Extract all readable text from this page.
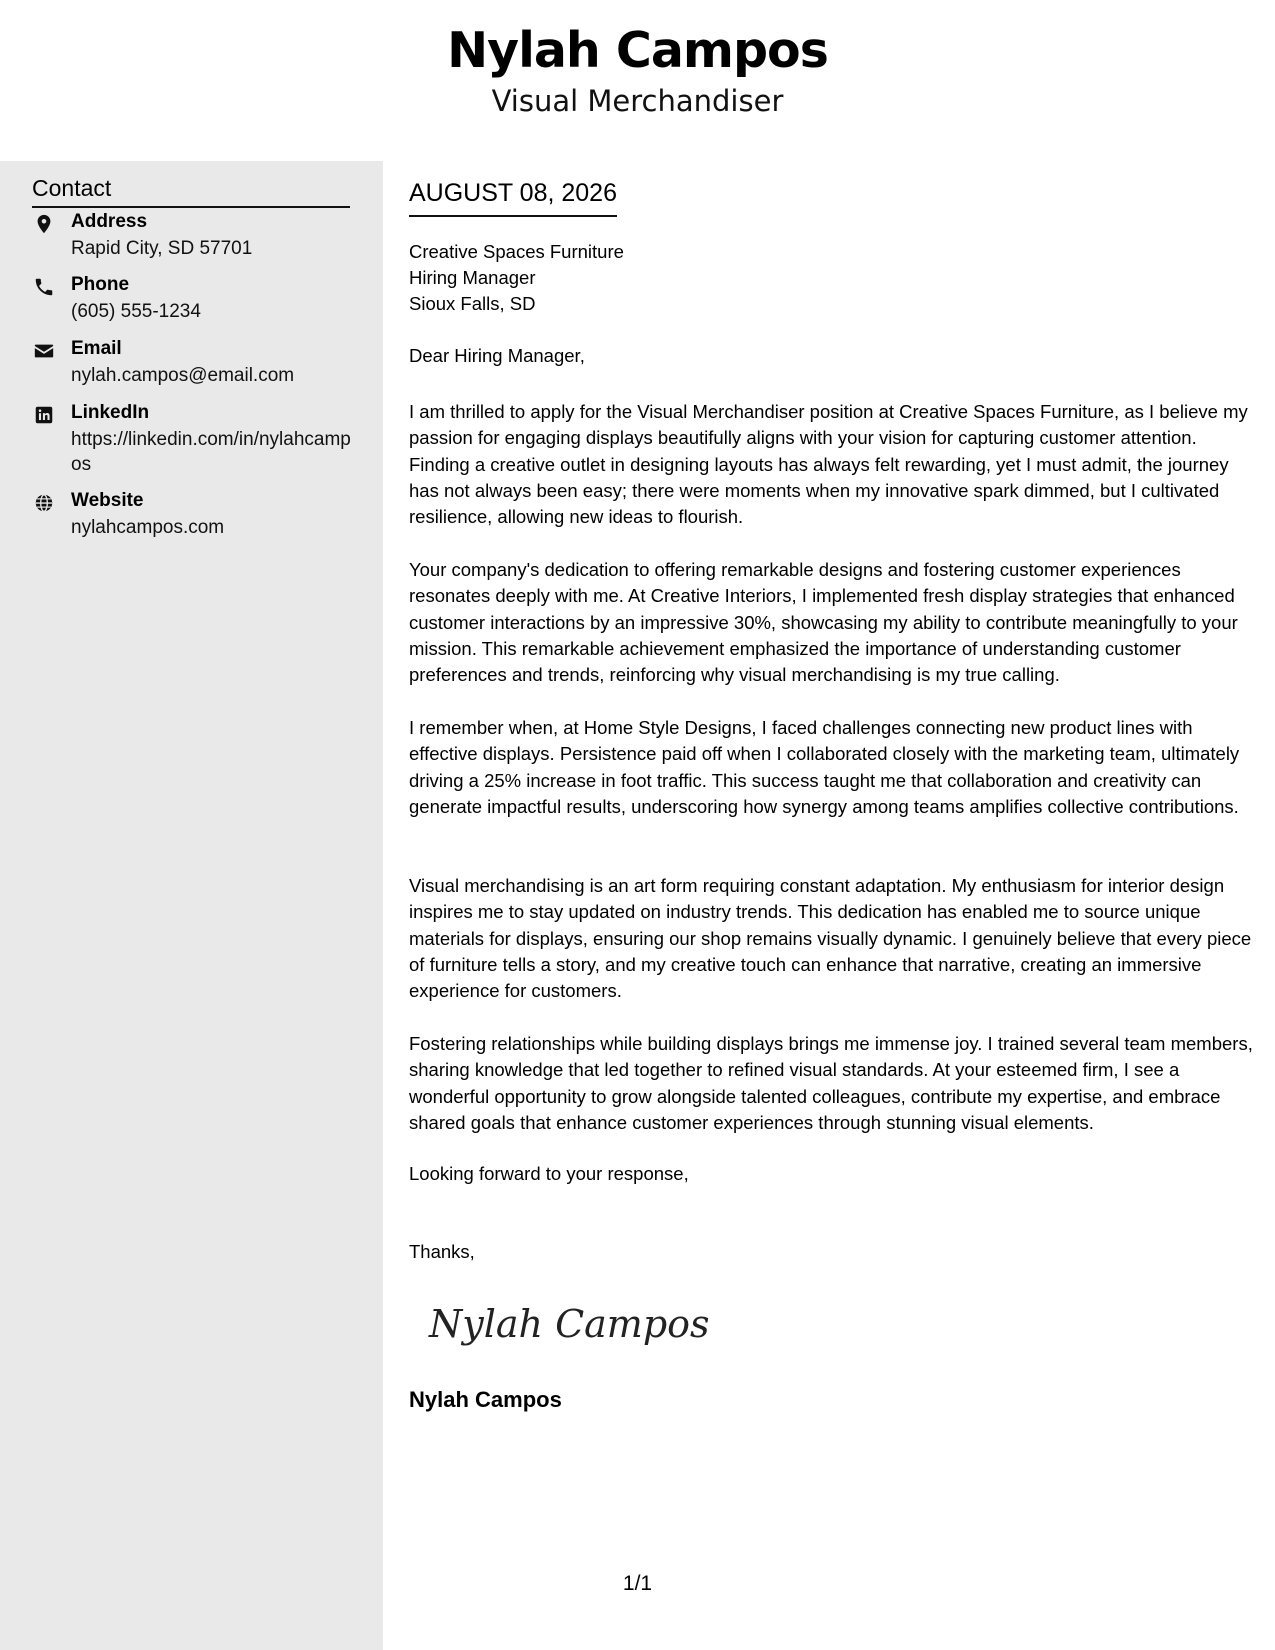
Nylah Campos
Visual Merchandiser
Contact
Address
Rapid City, SD 57701
Phone
(605) 555-1234
Email
nylah.campos@email.com
LinkedIn
https://linkedin.com/in/nylahcampos
Website
nylahcampos.com
AUGUST 08, 2026
Creative Spaces Furniture
Hiring Manager
Sioux Falls, SD
Dear Hiring Manager,
I am thrilled to apply for the Visual Merchandiser position at Creative Spaces Furniture, as I believe my passion for engaging displays beautifully aligns with your vision for capturing customer attention. Finding a creative outlet in designing layouts has always felt rewarding, yet I must admit, the journey has not always been easy; there were moments when my innovative spark dimmed, but I cultivated resilience, allowing new ideas to flourish.
Your company's dedication to offering remarkable designs and fostering customer experiences resonates deeply with me. At Creative Interiors, I implemented fresh display strategies that enhanced customer interactions by an impressive 30%, showcasing my ability to contribute meaningfully to your mission. This remarkable achievement emphasized the importance of understanding customer preferences and trends, reinforcing why visual merchandising is my true calling.
I remember when, at Home Style Designs, I faced challenges connecting new product lines with effective displays. Persistence paid off when I collaborated closely with the marketing team, ultimately driving a 25% increase in foot traffic. This success taught me that collaboration and creativity can generate impactful results, underscoring how synergy among teams amplifies collective contributions.
Visual merchandising is an art form requiring constant adaptation. My enthusiasm for interior design inspires me to stay updated on industry trends. This dedication has enabled me to source unique materials for displays, ensuring our shop remains visually dynamic. I genuinely believe that every piece of furniture tells a story, and my creative touch can enhance that narrative, creating an immersive experience for customers.
Fostering relationships while building displays brings me immense joy. I trained several team members, sharing knowledge that led together to refined visual standards. At your esteemed firm, I see a wonderful opportunity to grow alongside talented colleagues, contribute my expertise, and embrace shared goals that enhance customer experiences through stunning visual elements.
Looking forward to your response,
Thanks,
Nylah Campos
Nylah Campos
1/1
